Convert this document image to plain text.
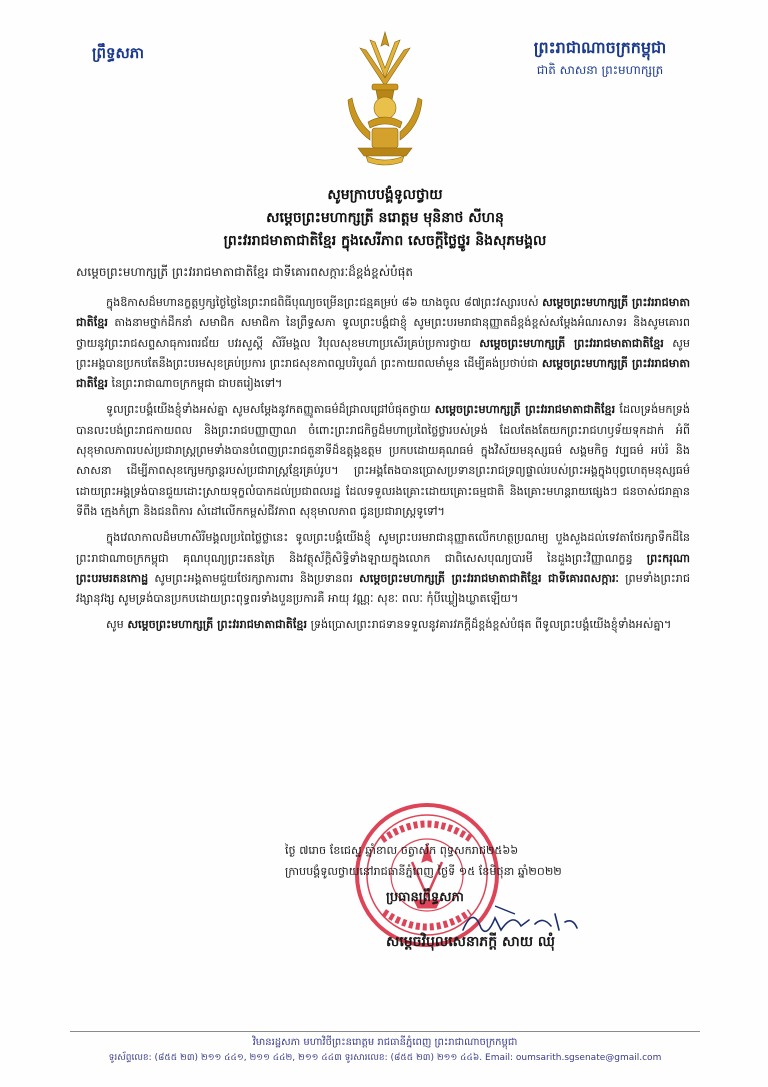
ព្រឹទ្ធសភា	ព្រះរាជាណាចក្រកម្ពុជា
ជាតិ សាសនា ព្រះមហាក្សត្រ
សូមក្រាបបង្គំទូលថ្វាយ
សម្តេចព្រះមហាក្សត្រី នរោត្តម មុនិនាថ សីហនុ
ព្រះវររាជមាតាជាតិខ្មែរ ក្នុងសេរីភាព សេចក្តីថ្លៃថ្នូរ និងសុភមង្គល
សម្តេចព្រះមហាក្សត្រី ព្រះវររាជមាតាជាតិខ្មែរ ជាទីគោរពសក្ការៈដ៏ខ្ពង់ខ្ពស់បំផុត

ក្នុងឱកាសដ៏មហានក្ខត្តឫក្សថ្ងៃថ្លៃនៃព្រះរាជពិធីបុណ្យចម្រើនព្រះជន្មគម្រប់ ៨៦ យាងចូល ៨៧ព្រះវស្សារបស់ សម្តេចព្រះមហាក្សត្រី ព្រះវររាជមាតាជាតិខ្មែរ តាងនាមថ្នាក់ដឹកនាំ សមាជិក សមាជិកា នៃព្រឹទ្ធសភា ទូលព្រះបង្គំជាខ្ញុំ សូមព្រះបរមរាជានុញ្ញាតដ៏ខ្ពង់ខ្ពស់សម្តែងអំណរសាទរ និងសូមគោរពថ្វាយនូវព្រះរាជសព្ទសាធុការពរជ័យ បវរសួស្តី សិរីមង្គល វិបុលសុខមហាប្រសើរគ្រប់ប្រការថ្វាយ សម្តេចព្រះមហាក្សត្រី ព្រះវររាជមាតាជាតិខ្មែរ សូមព្រះអង្គបានប្រកបតែនឹងព្រះបរមសុខគ្រប់ប្រការ ព្រះរាជសុខភាពល្អបរិបូណ៌ ព្រះកាយពលមាំមួន ដើម្បីគង់ប្រថាប់ជា សម្តេចព្រះមហាក្សត្រី ព្រះវររាជមាតាជាតិខ្មែរ នៃព្រះរាជាណាចក្រកម្ពុជា ជាបតរៀងទៅ។

ទូលព្រះបង្គំយើងខ្ញុំទាំងអស់គ្នា សូមសម្តែងនូវកតញ្ញូតាធម៌ដ៏ជ្រាលជ្រៅបំផុតថ្វាយ សម្តេចព្រះមហាក្សត្រី ព្រះវររាជមាតាជាតិខ្មែរ ដែលទ្រង់មកទ្រង់បានលះបង់ព្រះរាជកាយពល និងព្រះរាជបញ្ញាញាណ ចំពោះព្រះរាជកិច្ចដ៏មហាប្រពៃថ្លៃថ្លារបស់ទ្រង់ ដែលតែងតែយកព្រះរាជហឫទ័យទុកដាក់ អំពីសុខុមាលភាពរបស់ប្រជារាស្ត្រព្រមទាំងបានបំពេញព្រះរាជតួនាទីដ៏ឧត្តុង្គឧត្តម ប្រកបដោយគុណធម៌ ក្នុងវិស័យមនុស្សធម៌ សង្គមកិច្ច វប្បធម៌ អប់រំ និងសាសនា ដើម្បីភាពសុខក្សេមក្សាន្តរបស់ប្រជារាស្ត្រខ្មែរគ្រប់រូប។ ព្រះអង្គតែងបានប្រោសប្រទានព្រះរាជទ្រព្យផ្ទាល់របស់ព្រះអង្គក្នុងបុព្វហេតុមនុស្សធម៌ដោយព្រះអង្គទ្រង់បានជួយដោះស្រាយទុក្ខលំបាកដល់ប្រជាពលរដ្ឋ ដែលទទួលរងគ្រោះដោយគ្រោះធម្មជាតិ និងគ្រោះមហន្តរាយផ្សេងៗ ជនចាស់ជរាគ្មានទីពឹង ក្មេងកំព្រា និងជនពិការ សំដៅលើកកម្ពស់ជីវភាព សុខុមាលភាព ជូនប្រជារាស្ត្រទូទៅ។

ក្នុងវេលាកាលដ៏មហាសិរីមង្គលប្រពៃថ្លៃថ្លានេះ ទូលព្រះបង្គំយើងខ្ញុំ សូមព្រះបរមរាជានុញ្ញាតលើកហត្ថប្រណម្យ បួងសួងដល់ទេវតាថែរក្សាទឹកដីនៃព្រះរាជាណាចក្រកម្ពុជា គុណបុណ្យព្រះរតនត្រៃ និងវត្ថុស័ក្តិសិទ្ធិទាំងឡាយក្នុងលោក ជាពិសេសបុណ្យបារមី នៃដួងព្រះវិញ្ញាណក្ខន្ធ ព្រះករុណា ព្រះបរមរតនកោដ្ឋ សូមព្រះអង្គតាមជួយថែរក្សាការពារ និងប្រទានពរ សម្តេចព្រះមហាក្សត្រី ព្រះវររាជមាតាជាតិខ្មែរ ជាទីគោរពសក្ការៈ ព្រមទាំងព្រះរាជវង្សានុវង្ស សូមទ្រង់បានប្រកបដោយព្រះពុទ្ធពរទាំងបួនប្រការគឺ អាយុ វណ្ណៈ សុខៈ ពលៈ កុំបីឃ្លៀងឃ្លាតឡើយ។

សូម សម្តេចព្រះមហាក្សត្រី ព្រះវររាជមាតាជាតិខ្មែរ ទ្រង់ប្រោសព្រះរាជទានទទួលនូវគារវភក្តីដ៏ខ្ពង់ខ្ពស់បំផុត ពីទូលព្រះបង្គំយើងខ្ញុំទាំងអស់គ្នា។

ថ្ងៃ ៧រោច ខែជេស្ឋ ឆ្នាំខាល ចត្វាស័ក ពុទ្ធសករាជ២៥៦៦
ក្រាបបង្គំទូលថ្វាយនៅរាជធានីភ្នំពេញ ថ្ងៃទី ១៥ ខែមិថុនា ឆ្នាំ២០២២
ប្រធានព្រឹទ្ធសភា
សម្តេចវិបុលសេនាភក្តី សាយ ឈុំ
វិមានរដ្ឋសភា មហាវិថីព្រះនរោត្តម រាជធានីភ្នំពេញ ព្រះរាជាណាចក្រកម្ពុជា
ទូរស័ព្ទលេខ: (៨៥៥ ២៣) ២១១ ៤៤១, ២១១ ៤៤២, ២១១ ៤៤៣ ទូរសារលេខ: (៨៥៥ ២៣) ២១១ ៤៤៦. Email: oumsarith.sgsenate@gmail.com
